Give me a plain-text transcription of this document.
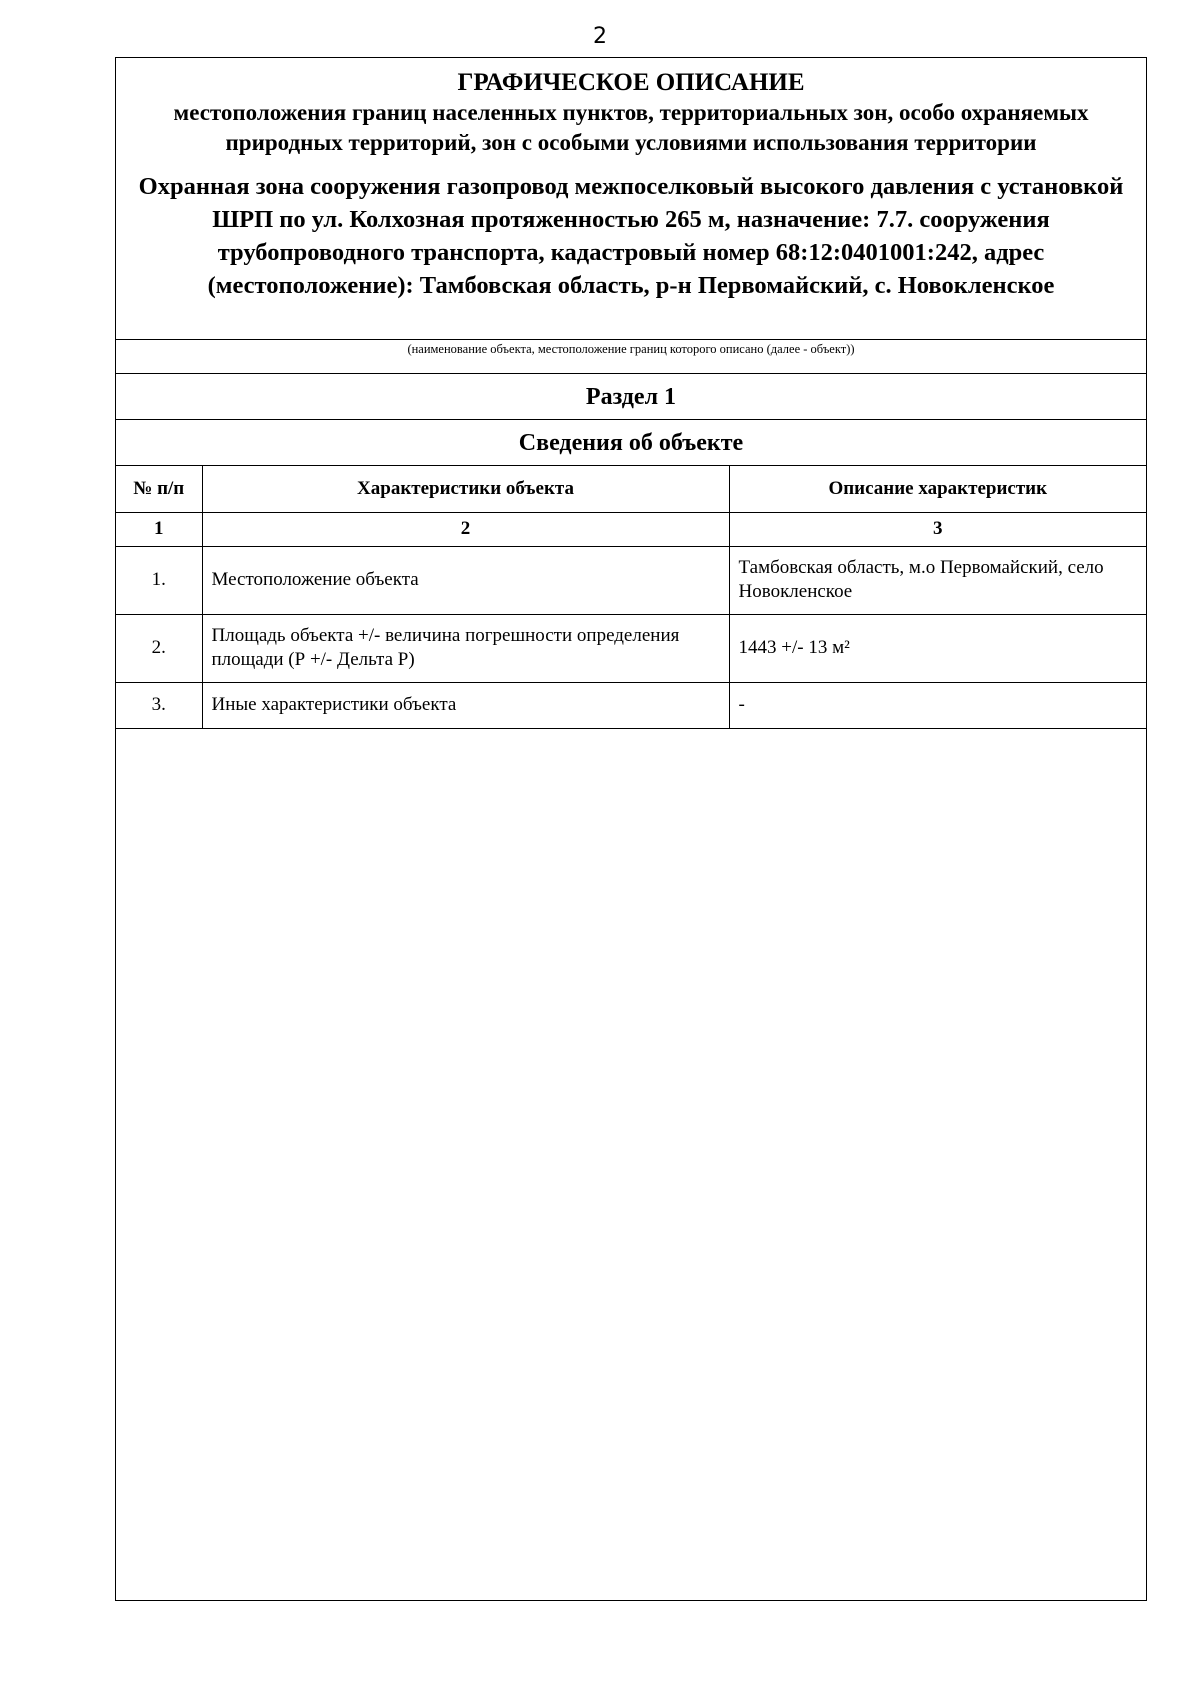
2
ГРАФИЧЕСКОЕ ОПИСАНИЕ
местоположения границ населенных пунктов, территориальных зон, особо охраняемых природных территорий, зон с особыми условиями использования территории
Охранная зона сооружения газопровод межпоселковый высокого давления с установкой ШРП по ул. Колхозная протяженностью 265 м, назначение: 7.7. сооружения трубопроводного транспорта, кадастровый номер 68:12:0401001:242, адрес (местоположение): Тамбовская область, р-н Первомайский, с. Новокленское
(наименование объекта, местоположение границ которого описано (далее - объект))
Раздел 1
Сведения об объекте
№ п/п	Характеристики объекта	Описание характеристик
1	2	3
1.	Местоположение объекта	Тамбовская область, м.о Первомайский, село Новокленское

2.	Площадь объекта +/- величина погрешности определения площади (Р +/- Дельта Р)	1443 +/- 13 м²

3.	Иные характеристики объекта	-
